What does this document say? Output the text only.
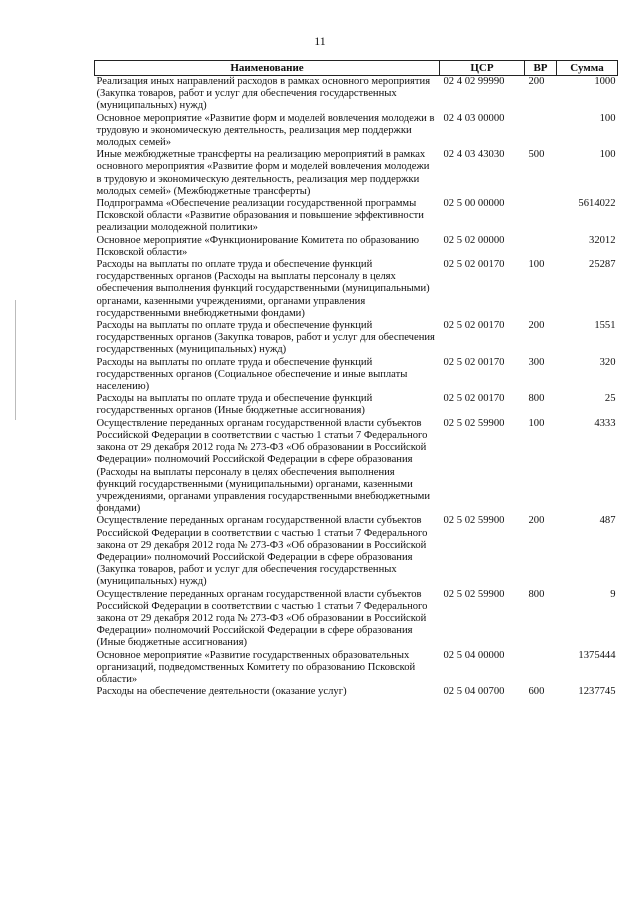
11
Наименование	ЦСР	ВР	Сумма
Реализация иных направлений расходов в рамках основного мероприятия (Закупка товаров, работ и услуг для обеспечения государственных (муниципальных) нужд)	02 4 02 99990	200	1000
Основное мероприятие «Развитие форм и моделей вовлечения молодежи в трудовую и экономическую деятельность, реализация мер поддержки молодых семей»	02 4 03 00000		100
Иные межбюджетные трансферты на реализацию мероприятий в рамках основного мероприятия «Развитие форм и моделей вовлечения молодежи в трудовую и экономическую деятельность, реализация мер поддержки молодых семей» (Межбюджетные трансферты)	02 4 03 43030	500	100
Подпрограмма «Обеспечение реализации государственной программы Псковской области «Развитие образования и повышение эффективности реализации молодежной политики»	02 5 00 00000		5614022
Основное мероприятие «Функционирование Комитета по образованию Псковской области»	02 5 02 00000		32012
Расходы на выплаты по оплате труда и обеспечение функций государственных органов (Расходы на выплаты персоналу в целях обеспечения выполнения функций государственными (муниципальными) органами, казенными учреждениями, органами управления государственными внебюджетными фондами)	02 5 02 00170	100	25287
Расходы на выплаты по оплате труда и обеспечение функций государственных органов (Закупка товаров, работ и услуг для обеспечения государственных (муниципальных) нужд)	02 5 02 00170	200	1551
Расходы на выплаты по оплате труда и обеспечение функций государственных органов (Социальное обеспечение и иные выплаты населению)	02 5 02 00170	300	320
Расходы на выплаты по оплате труда и обеспечение функций государственных органов (Иные бюджетные ассигнования)	02 5 02 00170	800	25
Осуществление переданных органам государственной власти субъектов Российской Федерации в соответствии с частью 1 статьи 7 Федерального закона от 29 декабря 2012 года № 273-ФЗ «Об образовании в Российской Федерации» полномочий Российской Федерации в сфере образования (Расходы на выплаты персоналу в целях обеспечения выполнения функций государственными (муниципальными) органами, казенными учреждениями, органами управления государственными внебюджетными фондами)	02 5 02 59900	100	4333
Осуществление переданных органам государственной власти субъектов Российской Федерации в соответствии с частью 1 статьи 7 Федерального закона от 29 декабря 2012 года № 273-ФЗ «Об образовании в Российской Федерации» полномочий Российской Федерации в сфере образования (Закупка товаров, работ и услуг для обеспечения государственных (муниципальных) нужд)	02 5 02 59900	200	487
Осуществление переданных органам государственной власти субъектов Российской Федерации в соответствии с частью 1 статьи 7 Федерального закона от 29 декабря 2012 года № 273-ФЗ «Об образовании в Российской Федерации» полномочий Российской Федерации в сфере образования (Иные бюджетные ассигнования)	02 5 02 59900	800	9
Основное мероприятие «Развитие государственных образовательных организаций, подведомственных Комитету по образованию Псковской области»	02 5 04 00000		1375444
Расходы на обеспечение деятельности (оказание услуг)	02 5 04 00700	600	1237745
